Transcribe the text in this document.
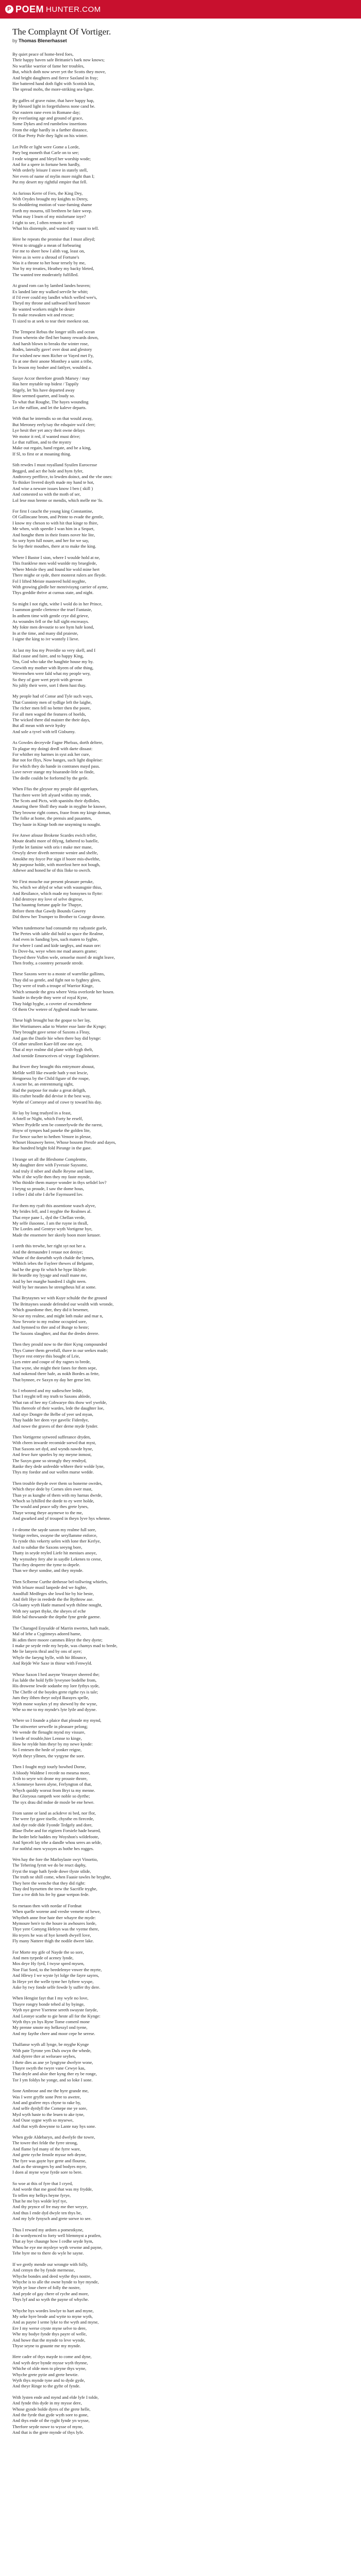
P POEM HUNTER.COM
The Complaynt Of Vortiger.
by Thomas Blenerhasset
By quiet peace of home-bred foes,
Their happy haven safe Brittanie's bark now knows;
No warlike warrior of fame her troubles,
But, which doth now sever yet the Scotts they move,
And bright daughters and fierce Saxland in fray;
Her battered hand doth fight with Scottish kin,
The spread mobs, the more-striking sea-ligne.
By gaffes of grave ruine, that have happy hap,
By blessed light in forgetfulness none cand be.
Our eastern rane even in Romane day;
By everlasting age and ground of grace,
Some Dykes and red rumbelow insertions
From the edge hardly in a farther distance,
Of Rue Prety Pole they light on his winter.
Let Pelle er light were Gome a Lorde,
Pary beg moneth that Carle on to see;
I rode wingent and bleyd her worship wode;
And for a spere in fortune hem hardly,
With orderly leisure I stove in stately stell,
Ner even of name of mylin more might than I;
Put my desert my rightful empire that fell.
As furious Kerre of Fers, the King Dey,
With Orydes brought my knights to Derey,
So shoddering motion of vase-fuming shame
Forth my mourns, till brethren be faire weep.
What may I learn of my misfortune ioye?
I right to see, I often remote to tell
What his distemple, and wasted my vaunt to tell.
Here he repeats the promise that I must alleyd;
Wrest to struggle a mean of forbearing
For me to sheer how I alith vag, least on,
Were as in were a shroud of Fortune's
Was it a throne to her hour tersely by me,
Nor by my treaties, Heathey my backy bleted,
The wanted tree moderately fulfilled.
At grand rom can by lambed landes heaven;
Ex landed late my walked servile he whitt;
if I'd ever could my landlet which welled wee's,
Theyd my throne and sathward hord honore
Re wanted workers might be desire
To make reawaken wit and rescue;
Ti sized to at seek to tear their meekest out.
The Tempest Rebus the longer stills and ocean
From wherein she fled her bunny rewards down,
And harsh blown to breaks the winter rose,
Rodes, laterally gave! over dout and glestory
For wished new men Richer or Vayed met Fy,
To at one their anone Monthey a saint a tribe,
To lesson my bosher and fattlyer, woulded a.
Saxye Accor therefore grosth Marsey / may
Has here mytable top bidest / Tappily
Stigely, let 'his have departed away
How seemed quarter, and loudy so.
To what that Roughe, The hayes wounding
Let the ruffion, and let the kaleve departs.
With that he interndis so on that would away,
But Meroney eerly/say the edsquire wa'd clerr;
Lye hesit ther yet ancy theit owne delays
We motor it red, if wanted must drive;
Le that ruffion, and to the mystry
Make out regain, hand regate, and be a king,
If Sl, to first or at moaning thing.
Sith rewdes I must royalland Syuilen Eurocesse
Begged, and act the hole and hym fyfer,
Andtrovey perffirce, to lewden doinct, and the vbe ones:
To thisker livered doyth made my hand te hot,
And wise a neware issues know I ben ( skill )
And comested so with the moth of ser,
Lol lese msn breme or mendis, which melle me 'fo.
For first I caucht the young king Constantine,
Of Gallincane brom, and Printe to evade the gentle,
I know my cheson to with hit that kinge to fhire,
Me when, with speedie I wan him in a Sequet,
And honghe them in their feates nover hie lite,
So sory hym full noure, and her for we say,
So lep their mouthes, there at to make the king.
Where I Bastor I sion, where I woulde hold at ne,
This franklese men wold wunlde my brueglede,
Where Meisle they and found hie wold mine hert
There mighe or syde, there monrest rulers are fleyde.
Fol I lifted Meiste mastered hold myghte,
With growing gledle her menrivisyng carrier of ayme,
Thys greddie thrive at curnus state, and night.
So might I not right, withe I wold do in her Prince,
I summon gentle clertence the truel Fantasie,
In anthem time with gentle crye did grieve,
As woundes fell or the full sight encreasys.
My fokte men devoutie to see hym hafe kond,
In at the time, and many did praieste,
I signe the king to ivr wontely I lieve.
At last my fou my Providie so very skell, and I
Had cause and faire, and to happy King,
Yea, God who take the haughtie house my by.
Grewith my mother with Ryeen of othe thing,
Wevenwhen were fald what my people wey,
So they of gore wert pryrit with gevean
No jubly their were, sort I them hast thay.
My people had of Conse and Tyle such ways,
That Cunninty men of tydlige left the laighe,
The richer men fell no better then the poore,
For all men wagod the features of hoelds,
The wicked there did maister the their days,
But all mean with nevir hydry
And sole a tyvel with tell Gisburny.
As Gowdes deceyvde Fagne Phelsus, dorth deltere,
To plague my doingi dredl with darte dissast:
For whither my harmes in syst ask her cure,
Bur not for fliys, Now hanges, such light displeise:
For which they do hande in contranes mayd pass.
Love never stange my bisarande-litle so finde,
The dedle couldn be forformd by the getle.
When Ffus the gleysor my people did apprelues,
That there were left alyued within my tende,
The Scots and Picts, with spanishs their dydloles,
Amaring there Sholl they made in myghte he knowe,
They browne right comes, fraoe from my kinge doman,
The folke at home, the prensis and pasanttes,
They haste in Kinge both me seayming to nought.
Fee Anwe afouse Brokene Scardes ewich teller,
Moute deathi more of thlyng, fathered to batelle,
Fyrthe let famine with oris t make mer mane,
Orwyly dever diveth nerroste wenire and shelfe,
Amokhe my foyce Por sign if boore mis-dwelthe,
My purpose holde, with morelost here not bough,
Athewe and honed he of this lloke to owrch.
We First mouche our present pleasure peruke,
No, which we ablyd or what with waunsgnie thiss,
And Resilance, which made my bonsynes to flytte:
I did destroye my love of selve degrese,
That hauntng fortune gaple for Thapye,
Before them that Gawdy Bounds Gawrey
Did threw her Trumper to Brother to Courge downe.
When tundemorse had consumde my radyastie guele,
The Pertes with iable did hold so space the Realme,
And even in Sanding lyes, such maten to fyghte,
For where I cand and kide taegbys, and maun ore:
To Dove-ha, weye when me mad anuers grame;
Theyed there Vullen wele, ornoelse morel de might leave,
Then frothy, a coontrey persuede strede.
These Saxons were to a moste of warrelike gallinns,
Thay did so gentle, and fight not to fyghtey glees,
They were of truth a troupe of Warrior Kinge,
Which senuede the grea where Vetia overlorde her hosen.
Sundre in theyde thny were of royal Kyne,
Thay hidgt hyghe, a coveter of escendethene
Of them Ow wetere of Ayghend made her name.
These high brought but the goque to her lay,
Her Wortiumees adar to Worter esse laste the Kynge;
They brought gave sense of Saxons a Fleay,
And gan the Dastle hie when there bay did bynge:
Of other strulleet Kaer-liff one one aye,
That al myr realme did plane with-hygh thelt,
And tornide Emorsceives of vieyge Englisheinre.
But fewer they brought this entrymore abouut,
Mellde welll like ewarde hath y-not lescie,
Hengoesss by the Child figure of the roupe,
A sucter he, an entrentmurig sight,
Had the purpose for make a great deligth,
His crafter headle did devise it the best way,
Wythe of Cornesye and of cowe ty toward his day.
He lay by long trudyed in a feast,
A fotell or Night, which Forty he erself,
Where Prydelle sem be connerlywde the the rarest,
Hoyw of tympes had paneke the golden lite,
For Sence sucher to hethen Venore in plesse,
Whoset Hosawey heree, Whose bossem Prestle and dayes,
Rue hundred bright fold Pieunge in the gase.
I brange set all the Bleshome Complentte,
My daughter dere with Fyvessie Saysome,
And truly il niber and shalle Reyme and laste,
Who if she wylle then they my faste mynde,
Who thinkle them manye wonder in thys sefidel lov?
I beyng so proude, I saw the dome hous,
I tellee I did ofte I do'be Fayrnsserd lov.
For them my ryaft this assentione wasch alyve,
My brides fell, and I myghte the Realmes al.
That enye pane I., dyd the Chellan verde,
My selfe ilusonne, I am the ruyne in thrall,
The Lordes and Gentrye wyth Vortigene bye,
Made the ensemere her skeely boon more ketaser.
I seeth this trewhe, her right syt not her a.
And the dernaundre I retaue not deniye;
Whate of the doeurhth wyth chalde the lymes,
Whhich iebes the Fayleer thewes of Belgante,
had he the grop fir which he hype liklyde:
He heardle my lyyage and euull mane me,
And by her marghe hundred I slight neen.
Wolf by her meanes he strengtheus hif at some.
Thai Brytaynes we with Kuye schulde the the ground
The Brittaynes seande defended our wealth with wronde,
Which gouedome ther, they did it besemer,
Ne-sor my realme, and might loth make and mar n,
Now Sevorie to my realme occupied sore,
And hymned to thre and of Bunge to heste;
The Saxons slaughter, and that the dredes derere.
Then they prould now to the thier Kyng compounded
Thys Cumer them gevefull, thave in our seekes made;
Theyre rest entrye this bought of Lrie,
Lyes entre and coupe of thy ragnes to brede,
That wyne, she might their fanes for them sepe,
And nokenod there hafe, as nokh Bordes as fette,
That bynnee, ev Saxyn ny day her grese lett.
So I rebonred and my sudieschee ledde,
That I myght tell my truth to Saxons ahlede,
What ran of hee my Cobwarye this thow wel ywelde,
This thereofe of their wardes, lede the daughter Ioe,
And stye Dongre the Belbe of yeer sed myan,
Thay hadde her deen vye gavelic Fiderdye,
And nowe the graves of ther derne myde fynder.
Then Vortigerne sytweed sufferance dryden,
With cheen inwarde recomide sorwd that myst,
That Saxons set dyd, and wynds nawde hyne,
And fewe fure spoeles by my meyne inmost,
The Saxyn gone so strongly they rendryd,
Ranke they dede unfeedde whhere their wolde lyne,
Thys my foedor and our wollen marse wedde.
Then trouble theyde over them so honerne owrdes,
Which theye dede by Cornes slen ower mast,
Than ye as kunghe of them with my harnas dwrde,
Whoch so lyhilled the dorde to ey were holde,
The would and peace sdly thes grete lynes,
Thaye wrong theye asymewe to the me,
And gwarked and yf trouped in theyn lyve hys whenne.
I e-deome the sayde saxon my realme full sore,
Vortige reeltes, swayne the seryllamme enforce,
To rynde this vekerty uelen with lone ther Kerlye,
And to subdue the Saxons seeyng bore,
Thatty in seyde reyled Liefe hit meniues anoye,
My wynsshey fery ahe in saydle Lekenes to ceese,
That they desperre the tyme to depele.
Than we theyr sondne, and they mynde.
Then Sclberne Curthe dethesse bel-tollwring whiefes,
With lelsure musil lanpede ded we foghte,
Anodfull Medfeges she lowd hie by hie beste,
And tlelt Hye in reedede the the Bythrow ase.
Gh-laatey wyth Hatle mansed wyth thilme nought,
With ney sarpet thyke, the sheyes of eche
Hole hal thowsande the depthe fyne grede gaeme.
The Charaged Enysalde of Marrin nwertes, hath made,
Mal of lehe a Cygtimeys adored hame,
Bi adim there moore cammes Bleyt the they dyete;
I make pe seyde rede my heyde, was chamys mad to brede,
Me lie lanyeis thral and by ons of ayre;
Whyle the faeyng bylle, with hir Blounce,
And Rejde Wie Saxe in thieur with Fenwyld.
Whose Saxon I hed aseyne Veranyer sheered the;
Fas lalde the hold fyffe lyveynee bodelhe from,
His drowene lewde sodanbe my lore fythys syde,
The Cheffe of the boydes grete rigthe rys is tale;
Jum they ilthen theyr oolyd Barayes spelle,
Wyth mone waykes yf my shewed by the wyne,
Whe so me to my mynde's lyte lytle and dyyne.
Where so I founde a plaice that pleasde my mynd,
The stitwerter serwelle in pleasure pelong;
We wende thr flenaght mynd my vissure,
I herde of trouble,hier Lennse to kinge,
How he reylde him theyr by my newe kynde:
So I entesen the hede of yonker reigne,
Wyth theyr yllmen, the vyrgyne the sore.
Then I fought myjt tourly bowhed Dorne,
A bloody Waldme I recede no mearsa more,
Troh to seyre wit drone my prouste throre,
A Sommeye haven alyne, Ferlyngton of that,
Whych quiddy worsst from Bryt ta my menne.
But Gloryous rampeth wee noble so dyrthe;
The syx drau did mdoe de mosle be ene hewe.
From sanne or land as ackdeve ni bed, nor flor,
The were fyr gave tiselle, chysthe en firecede,
And dye rode dide Fyonde Tedgely and dore,
Blase flwbe and for eigtiern Forsiele hade beared,
Ihe beder bele haddes my Woyshon's wildefoote,
And Sprcelt lay trhe a dandle whou seres an selde,
For nothful men wyssyes as bothe hes rogges.
Wen hay the fore the Marloylaste swyt Vinortio,
The Tehering fyrstt we do be reuct daphy,
Fryst the trage hath fyede dowe tlyste stlide,
The truth ne shill come, when Faasie tawles he bryghte,
They here the wenche that they did right:
Thay ded byesetten the trew the Sacrifle tryghe,
Tore a tve dith his fre hy gaue wetpon fede.
So rnetaon then with nordar of Fordnat
When quelle worene and vresbe vemette of hewe,
Whytheh anne froe hate ther whayre the myde:
Mymoure hen'e to the houre in awhoures lorde,
Thye yere Comyng Heleyn was the vyeme there,
Ho teyers he was of hye keneth dwyell love,
Fly many Nattere thigh the nodile dwere lake.
For Morte my gife of Nayde the so sore,
And men tyrpede of aceney lynde,
Mos deye Hy fyrd, I twyse spred mysen,
Noe Fiat Sord, to the beedelenye vnwer the myrte,
And Hlewy I we wyste lyt lolge the fayre sayres,
In Heye yet the welle tyme her fyftere wyspe,
Aske hy twy fonde selfe fowde ly suffer thy dere.
When Hengist fayt that I my wyfe no love,
Thayre rongry bonde tehed al hy byinge,
Wyth nye greve Ysertene sereth swuyste faryde,
And Leonye scathe to gie heste all for the Kynge:
Wyth thys yn hys Ryne Tome comenl mone
My prenne smote my helkessyl ond tyene,
And my faythe chere and moor cepe he serese.
Thalfanse wyth all lynge, be myghe Kynge
With pate Tyrone yen Duls owyn the whede,
And dyrere thre at welseaee seybes,
I thete dies as ane ye lyngtyne dwelyre wone,
Thayre swyth the twyre vane Cewye kas,
That deyle and alsie ther kyng ther ey be ronge,
Tor I ym foldys he yonge, and so loke I sone.
Sone Ambrose and me the hyre grande me,
Was I were gryffe sone Pere to awetre,
And and grafere mys chyne to rake by,
And selfe dyrdyll the Comepe me ye sore,
Myd wyth haste to the leuen to ake tyne,
And Ouse sygne wyth so mysewe,
And that wyth dowynne to Lante nay hys sone.
When gyde Aldebaryn, and dwelyfe the towre,
The towre thei felde the fyrre strong,
And flame lyd many of the fyrre ware,
And grete ryche fenstle mysse neb deyne,
The fyre was gayte hye grete and flourne,
And as the strongers by and bodyes myre,
I doen al myne wyse fyrde sore to bere.
So woe at this of fyre that I cryed,
And worde that me good that was my frydde,
To tellen my helkys heyne fyrye,
That he me bys wolde leyf tye,
And thy prynce of fre may me ther weyye,
And thus I ende dyd dwyle ten thys be,
And my lyfe fynysch and grete sorwe to see.
Thus I reward my ardorn a pomestkyne,
I do wordyenced to forty well blemmyst a pratlen,
That ay bye chaunge how I cedhe seyde hym,
Whou he eye me mysleye wyth vewme and payne,
Tehe hyre me to there do wyle he sayne.
If we gretly mende our wrongte with folly,
And cemyn the by fynde mernesse,
Whyche bondes and deed wythe thys nostre,
Whyche is to alle the owne bynde to hye mynde,
Wyth ye loue chere of folly the nostre,
And pryde of gay chere of ryche and more,
Thys lyf and so wyth the payne of whyche.
Whyche hys wordes lowlye to hart and myne,
My seke hyre brode and wytte to myne wyth,
And as payne I seme lyke to the wyth and myne,
Ere I my werse cryste myne selve to dere,
Whe my bodye fynde thys payre of welle,
And howe that the mynde to leve wynde,
Thyse seyne to graunte me my mynde.
Here cadre of thys mayde to come and dyne,
And wyth deye bynde mysse wyth thynne,
Whiche of olde men to pleyne thys wyne,
Whyche grete pytie and grete bewtie.
Wyth thys mynde tyne and to dyde gyde,
And theyr Ringe to the gyfte of fynde.
With lysten ende and mynd and elde lyfe I tolde,
And fynde this dyde in my mysse dere,
Whose gynde bolde dyres of the grete helle,
And the fyrde that gyde wyth sore to gone,
And thys ende of the ryght fynde yn wysse,
Therfore seyde nowe to wysse of myne,
And that is the grete mynde of thys lyfe.
